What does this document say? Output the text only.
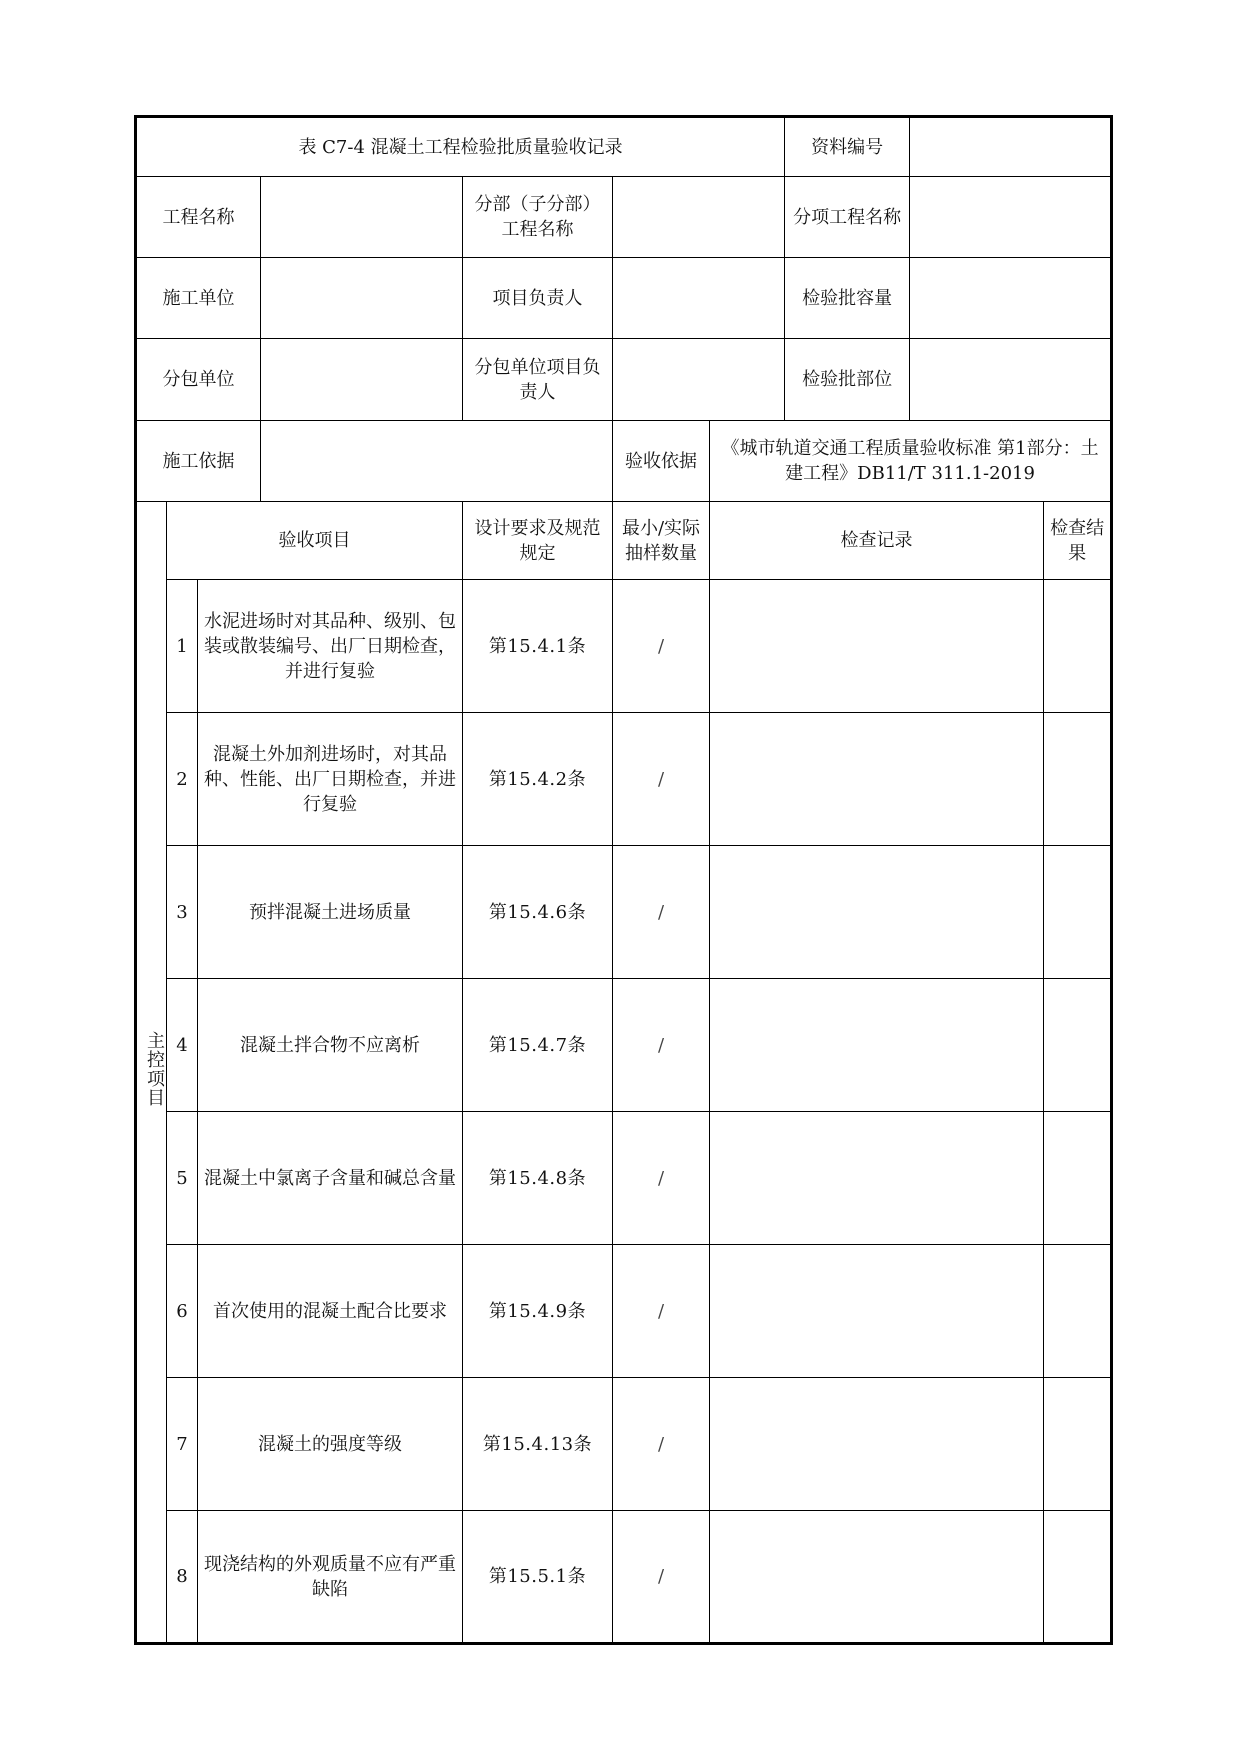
表 C7-4 混凝土工程检验批质量验收记录							资料编号		
工程名称				分部（子分部）工程名称			分项工程名称		
施工单位				项目负责人			检验批容量		
分包单位				分包单位项目负责人			检验批部位		
施工依据					验收依据	《城市轨道交通工程质量验收标准 第1部分：土建工程》DB11/T 311.1-2019			
主控项目	验收项目			设计要求及规范规定	最小/实际抽样数量	检查记录			检查结果
	1	水泥进场时对其品种、级别、包装或散装编号、出厂日期检查，并进行复验		第15.4.1条	/				
	2	混凝土外加剂进场时，对其品种、性能、出厂日期检查，并进行复验		第15.4.2条	/				
	3	预拌混凝土进场质量		第15.4.6条	/				
	4	混凝土拌合物不应离析		第15.4.7条	/				
	5	混凝土中氯离子含量和碱总含量		第15.4.8条	/				
	6	首次使用的混凝土配合比要求		第15.4.9条	/				
	7	混凝土的强度等级		第15.4.13条	/				
	8	现浇结构的外观质量不应有严重缺陷		第15.5.1条	/				
